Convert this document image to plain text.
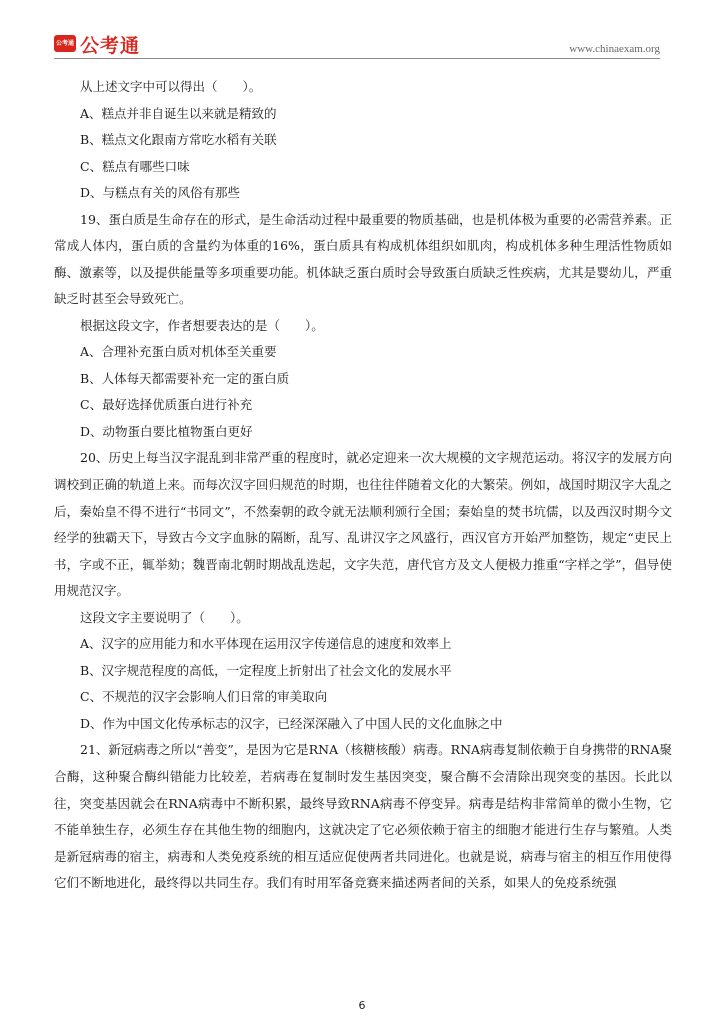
公考通 公考通	www.chinaexam.org
从上述文字中可以得出（　　）。
A、糕点并非自诞生以来就是精致的
B、糕点文化跟南方常吃水稻有关联
C、糕点有哪些口味
D、与糕点有关的风俗有那些

19、蛋白质是生命存在的形式，是生命活动过程中最重要的物质基础，也是机体极为重要的必需营养素。正常成人体内，蛋白质的含量约为体重的16%，蛋白质具有构成机体组织如肌肉，构成机体多种生理活性物质如酶、激素等，以及提供能量等多项重要功能。机体缺乏蛋白质时会导致蛋白质缺乏性疾病，尤其是婴幼儿，严重缺乏时甚至会导致死亡。

根据这段文字，作者想要表达的是（　　）。
A、合理补充蛋白质对机体至关重要
B、人体每天都需要补充一定的蛋白质
C、最好选择优质蛋白进行补充
D、动物蛋白要比植物蛋白更好

20、历史上每当汉字混乱到非常严重的程度时，就必定迎来一次大规模的文字规范运动。将汉字的发展方向调校到正确的轨道上来。而每次汉字回归规范的时期，也往往伴随着文化的大繁荣。例如，战国时期汉字大乱之后，秦始皇不得不进行“书同文”，不然秦朝的政令就无法顺利颁行全国；秦始皇的焚书坑儒，以及西汉时期今文经学的独霸天下，导致古今文字血脉的隔断，乱写、乱讲汉字之风盛行，西汉官方开始严加整饬，规定“吏民上书，字或不正，辄举劾；魏晋南北朝时期战乱迭起，文字失范，唐代官方及文人便极力推重“字样之学”，倡导使用规范汉字。

这段文字主要说明了（　　）。
A、汉字的应用能力和水平体现在运用汉字传递信息的速度和效率上
B、汉字规范程度的高低，一定程度上折射出了社会文化的发展水平
C、不规范的汉字会影响人们日常的审美取向
D、作为中国文化传承标志的汉字，已经深深融入了中国人民的文化血脉之中

21、新冠病毒之所以“善变”，是因为它是RNA（核糖核酸）病毒。RNA病毒复制依赖于自身携带的RNA聚合酶，这种聚合酶纠错能力比较差，若病毒在复制时发生基因突变，聚合酶不会清除出现突变的基因。长此以往，突变基因就会在RNA病毒中不断积累，最终导致RNA病毒不停变异。病毒是结构非常简单的微小生物，它不能单独生存，必须生存在其他生物的细胞内，这就决定了它必须依赖于宿主的细胞才能进行生存与繁殖。人类是新冠病毒的宿主，病毒和人类免疫系统的相互适应促使两者共同进化。也就是说，病毒与宿主的相互作用使得它们不断地进化，最终得以共同生存。我们有时用军备竞赛来描述两者间的关系，如果人的免疫系统强

6
